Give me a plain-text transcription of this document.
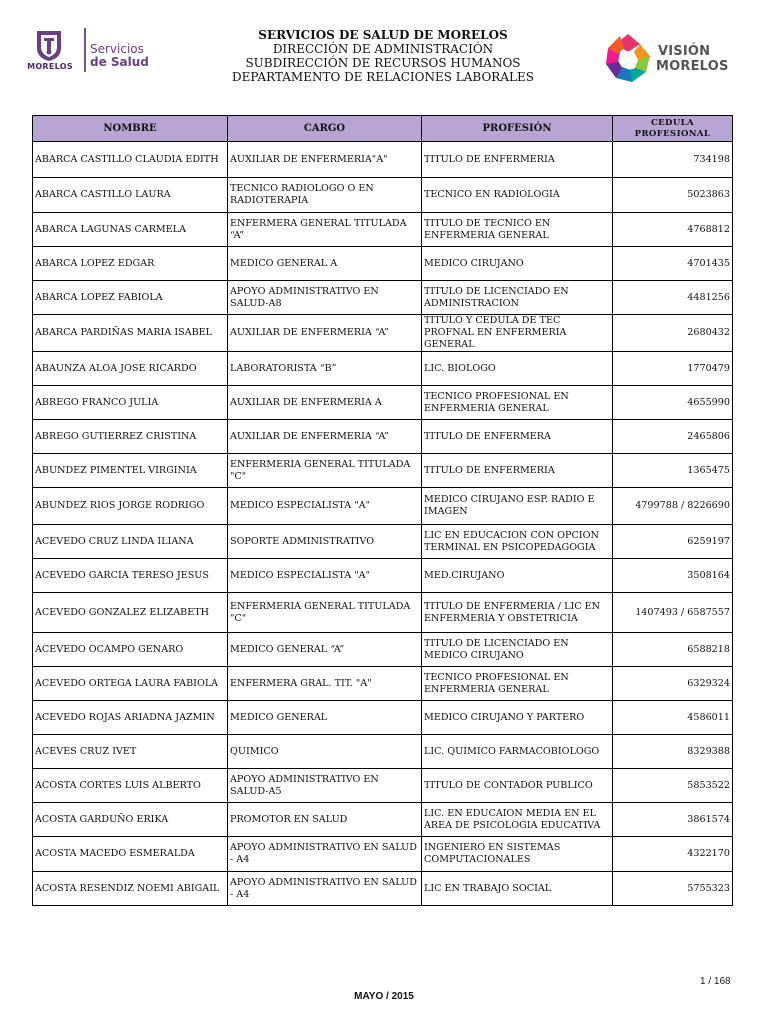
MORELOS
Servicios
de Salud
SERVICIOS DE SALUD DE MORELOS
DIRECCIÓN DE ADMINISTRACIÓN
SUBDIRECCIÓN DE RECURSOS HUMANOS
DEPARTAMENTO DE RELACIONES LABORALES
VISIÓN
MORELOS
NOMBRE	CARGO	PROFESIÓN	CEDULA PROFESIONAL
ABARCA CASTILLO CLAUDIA EDITH	AUXILIAR DE ENFERMERIA"A"	TITULO DE ENFERMERIA	734198
ABARCA CASTILLO LAURA	TECNICO RADIOLOGO O EN RADIOTERAPIA	TECNICO EN RADIOLOGIA	5023863
ABARCA LAGUNAS CARMELA	ENFERMERA GENERAL TITULADA “A”	TITULO DE TECNICO EN ENFERMERIA GENERAL	4768812
ABARCA LOPEZ EDGAR	MEDICO GENERAL A	MEDICO CIRUJANO	4701435
ABARCA LOPEZ FABIOLA	APOYO ADMINISTRATIVO EN SALUD-A8	TITULO DE LICENCIADO EN ADMINISTRACION	4481256
ABARCA PARDIÑAS MARIA ISABEL	AUXILIAR DE ENFERMERIA “A”	TITULO Y CEDULA DE TEC PROFNAL EN ENFERMERIA GENERAL	2680432
ABAUNZA ALOA JOSE RICARDO	LABORATORISTA “B”	LIC. BIOLOGO	1770479
ABREGO FRANCO JULIA	AUXILIAR DE ENFERMERIA A	TECNICO PROFESIONAL EN ENFERMERIA GENERAL	4655990
ABREGO GUTIERREZ CRISTINA	AUXILIAR DE ENFERMERIA “A”	TITULO DE ENFERMERA	2465806
ABUNDEZ PIMENTEL VIRGINIA	ENFERMERIA GENERAL TITULADA "C"	TITULO DE ENFERMERIA	1365475
ABUNDEZ RIOS JORGE RODRIGO	MEDICO ESPECIALISTA "A"	MEDICO CIRUJANO ESP. RADIO E IMAGEN	4799788 / 8226690
ACEVEDO CRUZ LINDA ILIANA	SOPORTE ADMINISTRATIVO	LIC EN EDUCACION CON OPCION TERMINAL EN PSICOPEDAGOGIA	6259197
ACEVEDO GARCIA TERESO JESUS	MEDICO ESPECIALISTA "A"	MED.CIRUJANO	3508164
ACEVEDO GONZALEZ ELIZABETH	ENFERMERIA GENERAL TITULADA "C"	TITULO DE ENFERMERIA / LIC EN ENFERMERIA Y OBSTETRICIA	1407493 / 6587557
ACEVEDO OCAMPO GENARO	MEDICO GENERAL “A”	TITULO DE LICENCIADO EN MEDICO CIRUJANO	6588218
ACEVEDO ORTEGA LAURA FABIOLA	ENFERMERA GRAL. TIT. "A"	TECNICO PROFESIONAL EN ENFERMERIA GENERAL	6329324
ACEVEDO ROJAS ARIADNA JAZMIN	MEDICO GENERAL	MEDICO CIRUJANO Y PARTERO	4586011
ACEVES CRUZ IVET	QUIMICO	LIC. QUIMICO FARMACOBIOLOGO	8329388
ACOSTA CORTES LUIS ALBERTO	APOYO ADMINISTRATIVO EN SALUD-A5	TITULO DE CONTADOR PUBLICO	5853522
ACOSTA GARDUÑO ERIKA	PROMOTOR EN SALUD	LIC. EN EDUCAION MEDIA EN EL AREA DE PSICOLOGIA EDUCATIVA	3861574
ACOSTA MACEDO ESMERALDA	APOYO ADMINISTRATIVO EN SALUD - A4	INGENIERO EN SISTEMAS COMPUTACIONALES	4322170
ACOSTA RESENDIZ NOEMI ABIGAIL	APOYO ADMINISTRATIVO EN SALUD - A4	LIC EN TRABAJO SOCIAL	5755323
1 / 168
MAYO / 2015
